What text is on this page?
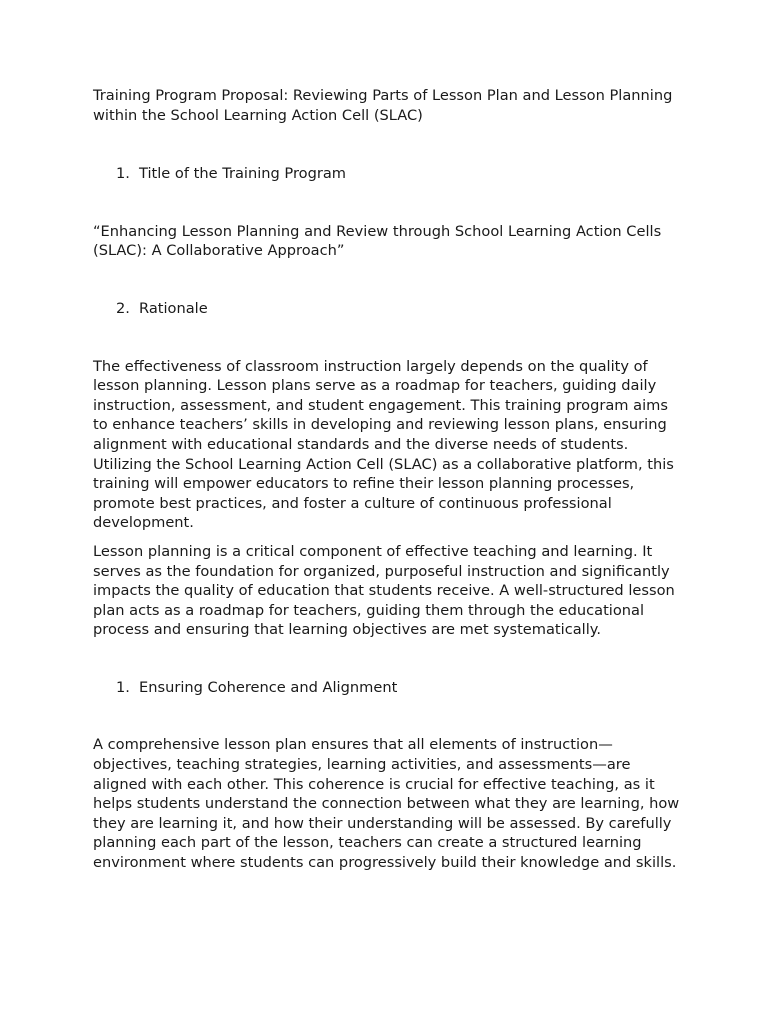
Training Program Proposal: Reviewing Parts of Lesson Plan and Lesson Planning within the School Learning Action Cell (SLAC)

1. Title of the Training Program

“Enhancing Lesson Planning and Review through School Learning Action Cells (SLAC): A Collaborative Approach”

2. Rationale

The effectiveness of classroom instruction largely depends on the quality of lesson planning. Lesson plans serve as a roadmap for teachers, guiding daily instruction, assessment, and student engagement. This training program aims to enhance teachers’ skills in developing and reviewing lesson plans, ensuring alignment with educational standards and the diverse needs of students. Utilizing the School Learning Action Cell (SLAC) as a collaborative platform, this training will empower educators to refine their lesson planning processes, promote best practices, and foster a culture of continuous professional development.

Lesson planning is a critical component of effective teaching and learning. It serves as the foundation for organized, purposeful instruction and significantly impacts the quality of education that students receive. A well-structured lesson plan acts as a roadmap for teachers, guiding them through the educational process and ensuring that learning objectives are met systematically.

1. Ensuring Coherence and Alignment

A comprehensive lesson plan ensures that all elements of instruction—objectives, teaching strategies, learning activities, and assessments—are aligned with each other. This coherence is crucial for effective teaching, as it helps students understand the connection between what they are learning, how they are learning it, and how their understanding will be assessed. By carefully planning each part of the lesson, teachers can create a structured learning environment where students can progressively build their knowledge and skills.
